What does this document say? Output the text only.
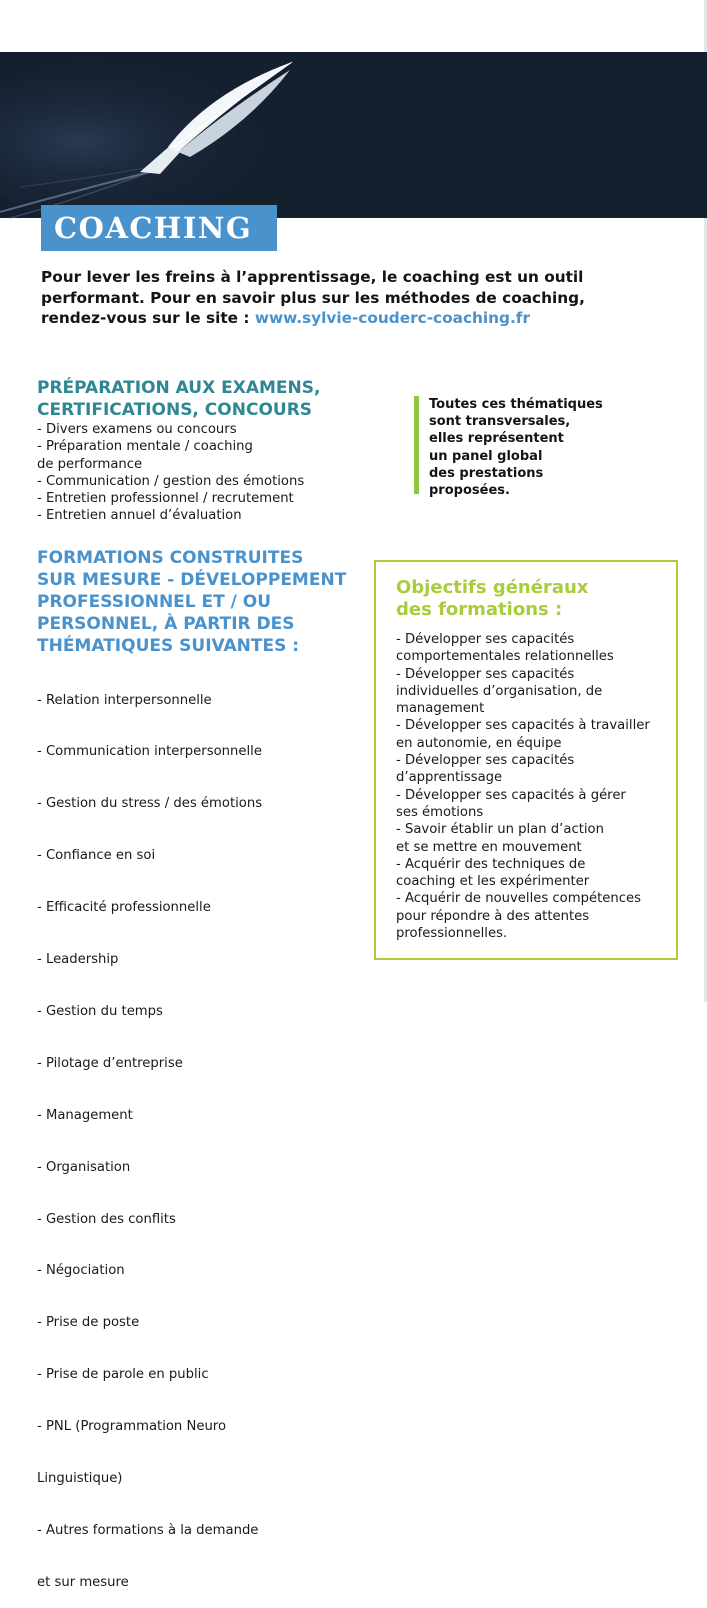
COACHING
Pour lever les freins à l’apprentissage, le coaching est un outil
performant. Pour en savoir plus sur les méthodes de coaching,
rendez-vous sur le site : www.sylvie-couderc-coaching.fr
PRÉPARATION AUX EXAMENS,
CERTIFICATIONS, CONCOURS
- Divers examens ou concours
- Préparation mentale / coaching
de performance
- Communication / gestion des émotions
- Entretien professionnel / recrutement
- Entretien annuel d’évaluation

Toutes ces thématiques

sont transversales,

elles représentent

un panel global

des prestations

proposées.

FORMATIONS CONSTRUITES
SUR MESURE - DÉVELOPPEMENT
PROFESSIONNEL ET / OU
PERSONNEL, À PARTIR DES
THÉMATIQUES SUIVANTES :

- Relation interpersonnelle

- Communication interpersonnelle

- Gestion du stress / des émotions

- Confiance en soi

- Efficacité professionnelle

- Leadership

- Gestion du temps

- Pilotage d’entreprise

- Management

- Organisation

- Gestion des conflits

- Négociation

- Prise de poste

- Prise de parole en public

- PNL (Programmation Neuro

Linguistique)

- Autres formations à la demande

et sur mesure

Objectifs généraux
des formations :
- Développer ses capacités
comportementales relationnelles
- Développer ses capacités
individuelles d’organisation, de
management
- Développer ses capacités à travailler
en autonomie, en équipe
- Développer ses capacités
d’apprentissage
- Développer ses capacités à gérer
ses émotions
- Savoir établir un plan d’action
et se mettre en mouvement
- Acquérir des techniques de
coaching et les expérimenter
- Acquérir de nouvelles compétences
pour répondre à des attentes
professionnelles.
